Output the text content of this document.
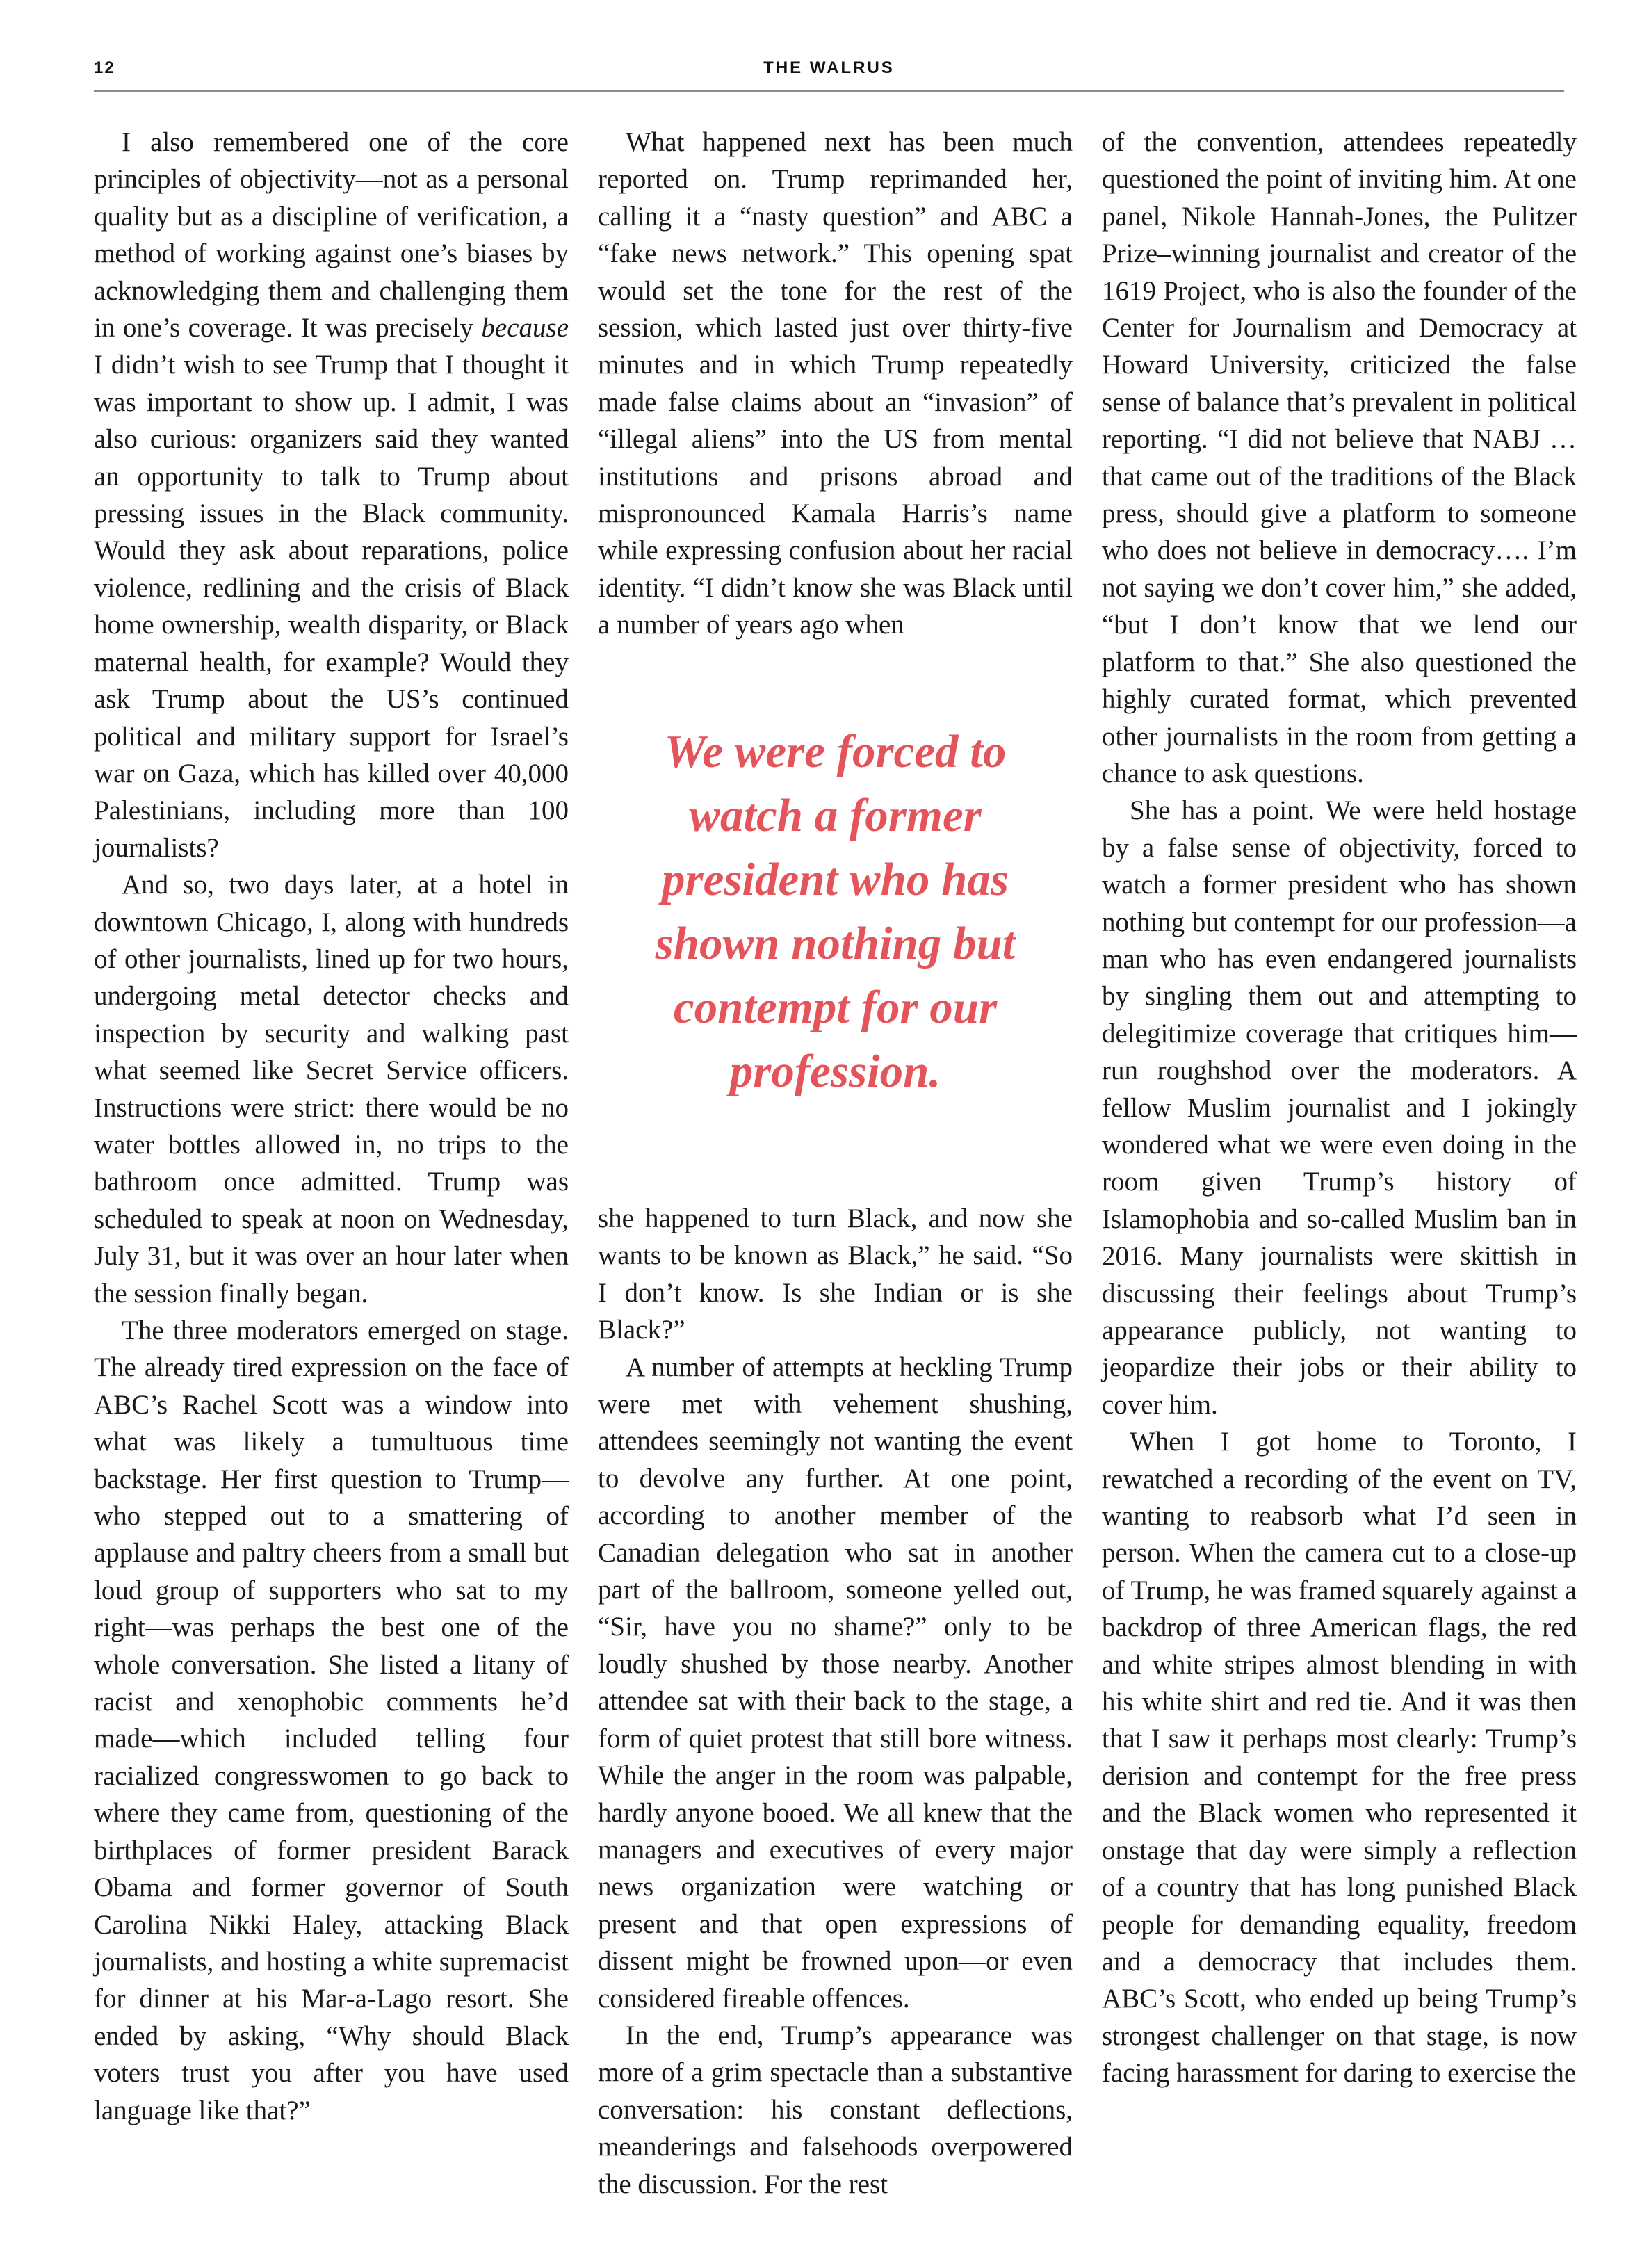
12	THE WALRUS

I also remembered one of the core principles of objectivity—not as a personal quality but as a discipline of verification, a method of working against one’s biases by acknowledging them and challenging them in one’s coverage. It was precisely because I didn’t wish to see Trump that I thought it was important to show up. I admit, I was also curious: organizers said they wanted an opportunity to talk to Trump about pressing issues in the Black community. Would they ask about reparations, police violence, redlining and the crisis of Black home ownership, wealth disparity, or Black maternal health, for example? Would they ask Trump about the US’s continued political and military support for Israel’s war on Gaza, which has killed over 40,000 Palestinians, including more than 100 journalists?

And so, two days later, at a hotel in downtown Chicago, I, along with hundreds of other journalists, lined up for two hours, undergoing metal detector checks and inspection by security and walking past what seemed like Secret Service officers. Instructions were strict: there would be no water bottles allowed in, no trips to the bathroom once admitted. Trump was scheduled to speak at noon on Wednesday, July 31, but it was over an hour later when the session finally began.

The three moderators emerged on stage. The already tired expression on the face of ABC’s Rachel Scott was a window into what was likely a tumultuous time backstage. Her first question to Trump—who stepped out to a smattering of applause and paltry cheers from a small but loud group of supporters who sat to my right—was perhaps the best one of the whole conversation. She listed a litany of racist and xenophobic comments he’d made—which included telling four racialized congresswomen to go back to where they came from, questioning of the birthplaces of former president Barack Obama and former governor of South Carolina Nikki Haley, attacking Black journalists, and hosting a white supremacist for dinner at his Mar-a-Lago resort. She ended by asking, “Why should Black voters trust you after you have used language like that?”

What happened next has been much reported on. Trump reprimanded her, calling it a “nasty question” and ABC a “fake news network.” This opening spat would set the tone for the rest of the session, which lasted just over thirty-five minutes and in which Trump repeatedly made false claims about an “invasion” of “illegal aliens” into the US from mental institutions and prisons abroad and mispronounced Kamala Harris’s name while expressing confusion about her racial identity. “I didn’t know she was Black until a number of years ago when

We were forced to watch a former president who has shown nothing but contempt for our profession.

she happened to turn Black, and now she wants to be known as Black,” he said. “So I don’t know. Is she Indian or is she Black?”

A number of attempts at heckling Trump were met with vehement shushing, attendees seemingly not wanting the event to devolve any further. At one point, according to another member of the Canadian delegation who sat in another part of the ballroom, someone yelled out, “Sir, have you no shame?” only to be loudly shushed by those nearby. Another attendee sat with their back to the stage, a form of quiet protest that still bore witness. While the anger in the room was palpable, hardly anyone booed. We all knew that the managers and executives of every major news organization were watching or present and that open expressions of dissent might be frowned upon—or even considered fireable offences.

In the end, Trump’s appearance was more of a grim spectacle than a substantive conversation: his constant deflections, meanderings and falsehoods overpowered the discussion. For the rest

of the convention, attendees repeatedly questioned the point of inviting him. At one panel, Nikole Hannah-Jones, the Pulitzer Prize–winning journalist and creator of the 1619 Project, who is also the founder of the Center for Journalism and Democracy at Howard University, criticized the false sense of balance that’s prevalent in political reporting. “I did not believe that NABJ … that came out of the traditions of the Black press, should give a platform to someone who does not believe in democracy…. I’m not saying we don’t cover him,” she added, “but I don’t know that we lend our platform to that.” She also questioned the highly curated format, which prevented other journalists in the room from getting a chance to ask questions.

She has a point. We were held hostage by a false sense of objectivity, forced to watch a former president who has shown nothing but contempt for our profession—a man who has even endangered journalists by singling them out and attempting to delegitimize coverage that critiques him—run roughshod over the moderators. A fellow Muslim journalist and I jokingly wondered what we were even doing in the room given Trump’s history of Islamophobia and so-called Muslim ban in 2016. Many journalists were skittish in discussing their feelings about Trump’s appearance publicly, not wanting to jeopardize their jobs or their ability to cover him.

When I got home to Toronto, I rewatched a recording of the event on TV, wanting to reabsorb what I’d seen in person. When the camera cut to a close-up of Trump, he was framed squarely against a backdrop of three American flags, the red and white stripes almost blending in with his white shirt and red tie. And it was then that I saw it perhaps most clearly: Trump’s derision and contempt for the free press and the Black women who represented it onstage that day were simply a reflection of a country that has long punished Black people for demanding equality, freedom and a democracy that includes them. ABC’s Scott, who ended up being Trump’s strongest challenger on that stage, is now facing harassment for daring to exercise the
